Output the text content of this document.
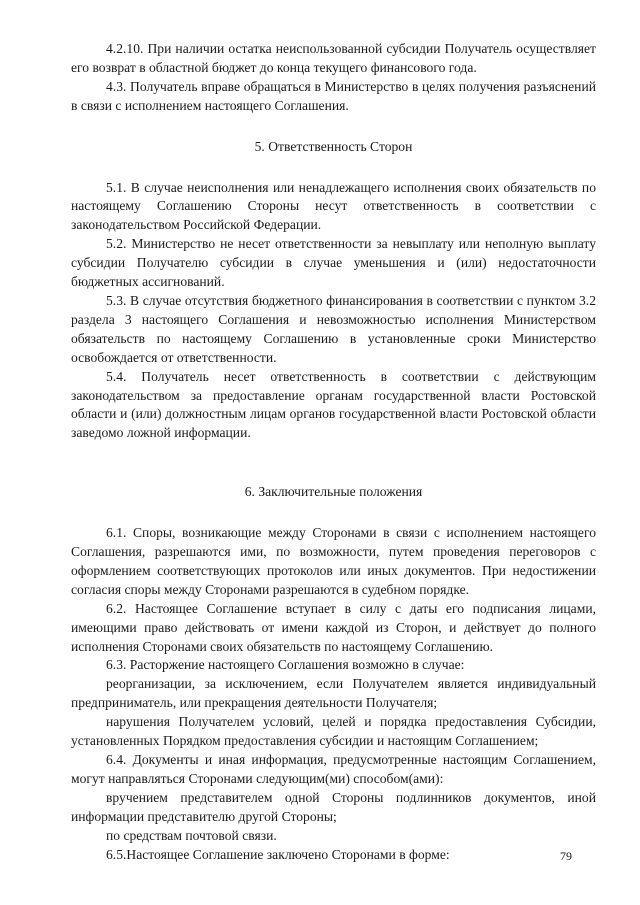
4.2.10. При наличии остатка неиспользованной субсидии Получатель осуществляет его возврат в областной бюджет до конца текущего финансового года.

4.3. Получатель вправе обращаться в Министерство в целях получения разъяснений в связи с исполнением настоящего Соглашения.

5. Ответственность Сторон

5.1. В случае неисполнения или ненадлежащего исполнения своих обязательств по настоящему Соглашению Стороны несут ответственность в соответствии с законодательством Российской Федерации.

5.2. Министерство не несет ответственности за невыплату или неполную выплату субсидии Получателю субсидии в случае уменьшения и (или) недостаточности бюджетных ассигнований.

5.3. В случае отсутствия бюджетного финансирования в соответствии с пунктом 3.2 раздела 3 настоящего Соглашения и невозможностью исполнения Министерством обязательств по настоящему Соглашению в установленные сроки Министерство освобождается от ответственности.

5.4. Получатель несет ответственность в соответствии с действующим законодательством за предоставление органам государственной власти Ростовской области и (или) должностным лицам органов государственной власти Ростовской области заведомо ложной информации.

6. Заключительные положения

6.1. Споры, возникающие между Сторонами в связи с исполнением настоящего Соглашения, разрешаются ими, по возможности, путем проведения переговоров с оформлением соответствующих протоколов или иных документов. При недостижении согласия споры между Сторонами разрешаются в судебном порядке.

6.2. Настоящее Соглашение вступает в силу с даты его подписания лицами, имеющими право действовать от имени каждой из Сторон, и действует до полного исполнения Сторонами своих обязательств по настоящему Соглашению.

6.3. Расторжение настоящего Соглашения возможно в случае:

реорганизации, за исключением, если Получателем является индивидуальный предприниматель, или прекращения деятельности Получателя;

нарушения Получателем условий, целей и порядка предоставления Субсидии, установленных Порядком предоставления субсидии и настоящим Соглашением;

6.4. Документы и иная информация, предусмотренные настоящим Соглашением, могут направляться Сторонами следующим(ми) способом(ами):

вручением представителем одной Стороны подлинников документов, иной информации представителю другой Стороны;

по средствам почтовой связи.

6.5.Настоящее Соглашение заключено Сторонами в форме:	79
